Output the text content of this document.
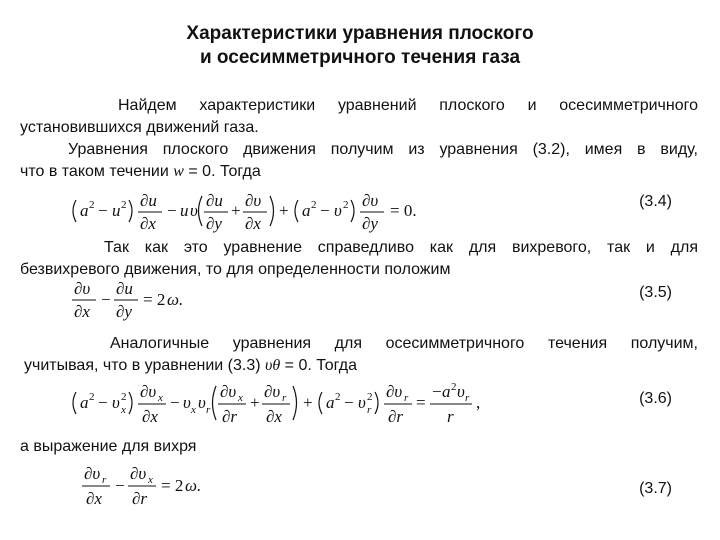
Характеристики уравнения плоского
и осесимметричного течения газа
Найдем характеристики уравнений плоского и осесимметричного
установившихся движений газа.
Уравнения плоского движения получим из уравнения (3.2), имея в виду,
что в таком течении w = 0. Тогда
(3.4)
a 2 − u 2 ∂u
∂x
− u υ
∂u
∂y
+
∂υ
∂x
+ a 2 − υ 2 ∂υ
∂y
= 0.
Так как это уравнение справедливо как для вихревого, так и для
безвихревого движения, то для определенности положим
∂υ
∂x
−
∂u
∂y
= 2 ω.	(3.5)
Аналогичные уравнения для осесимметричного течения получим,
учитывая, что в уравнении (3.3) υθ = 0. Тогда
a 2 − υ 2
x
∂υ x
∂x
− υ x υ r
∂υ x
∂r
+
∂υ r
∂x
+ a 2 − υ 2
r
∂υ r
∂r
=
− a 2 υ r
r
,	(3.6)
а выражение для вихря
∂υ r
∂x
−
∂υ x
∂r
= 2 ω.	(3.7)
